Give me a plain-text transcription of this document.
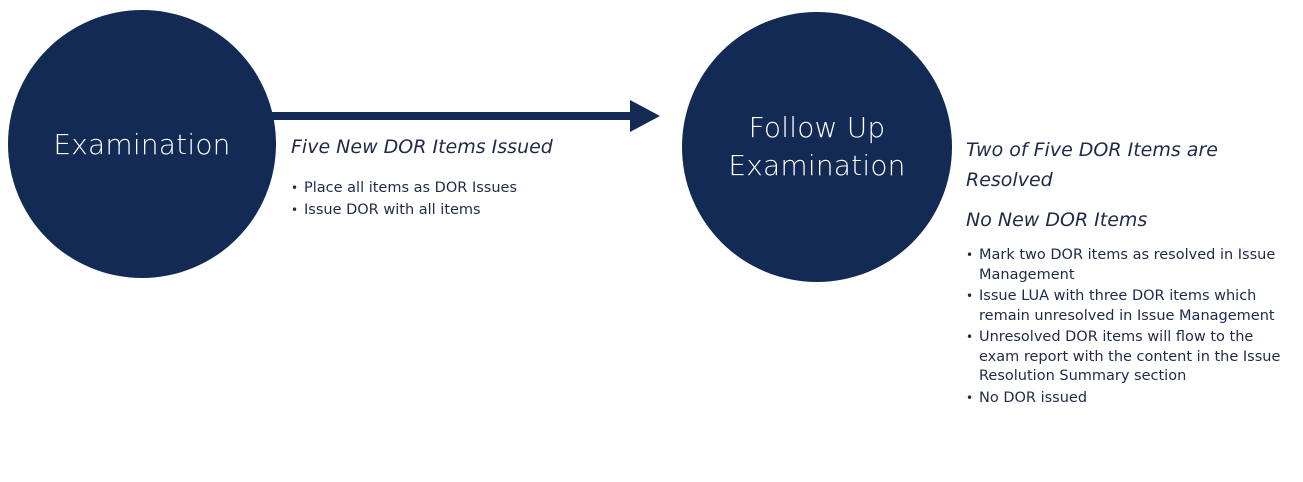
Examination	Follow Up
Examination
Five New DOR Items Issued
• Place all items as DOR Issues
• Issue DOR with all items
Two of Five DOR Items are Resolved
No New DOR Items
• Mark two DOR items as resolved in Issue Management
• Issue LUA with three DOR items which remain unresolved in Issue Management
• Unresolved DOR items will flow to the exam report with the content in the Issue Resolution Summary section
• No DOR issued
